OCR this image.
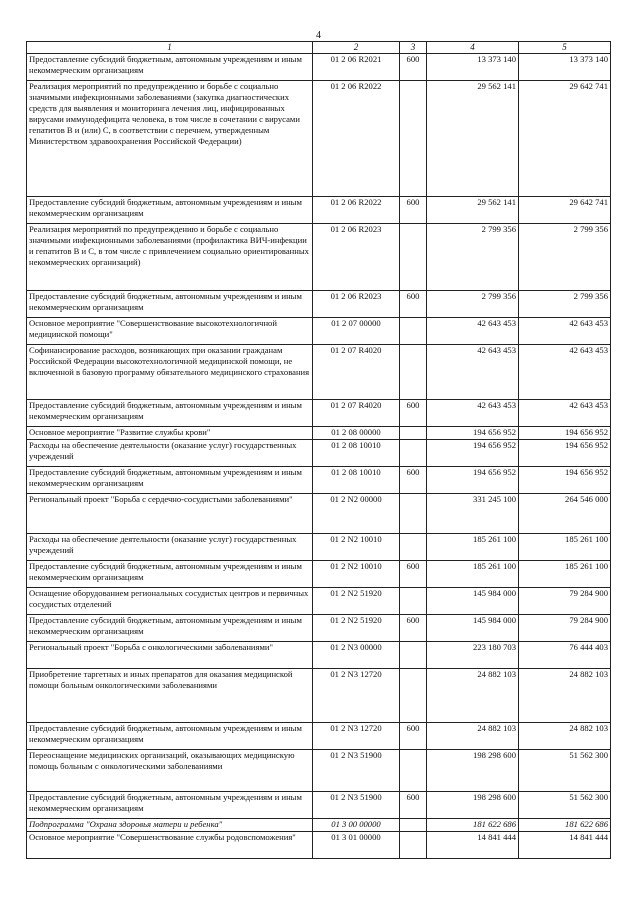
4
1	2	3	4	5
Предоставление субсидий бюджетным, автономным учреждениям и иным некоммерческим организациям	01 2 06 R2021	600	13 373 140	13 373 140
Реализация мероприятий по предупреждению и борьбе с социально значимыми инфекционными заболеваниями (закупка диагностических средств для выявления и мониторинга лечения лиц, инфицированных вирусами иммунодефицита человека, в том числе в сочетании с вирусами гепатитов В и (или) С, в соответствии с перечнем, утвержденным Министерством здравоохранения Российской Федерации)	01 2 06 R2022		29 562 141	29 642 741
Предоставление субсидий бюджетным, автономным учреждениям и иным некоммерческим организациям	01 2 06 R2022	600	29 562 141	29 642 741
Реализация мероприятий по предупреждению и борьбе с социально значимыми инфекционными заболеваниями (профилактика ВИЧ-инфекции и гепатитов В и С, в том числе с привлечением социально ориентированных некоммерческих организаций)	01 2 06 R2023		2 799 356	2 799 356
Предоставление субсидий бюджетным, автономным учреждениям и иным некоммерческим организациям	01 2 06 R2023	600	2 799 356	2 799 356
Основное мероприятие "Совершенствование высокотехнологичной медицинской помощи"	01 2 07 00000		42 643 453	42 643 453
Софинансирование расходов, возникающих при оказании гражданам Российской Федерации высокотехнологичной медицинской помощи, не включенной в базовую программу обязательного медицинского страхования	01 2 07 R4020		42 643 453	42 643 453
Предоставление субсидий бюджетным, автономным учреждениям и иным некоммерческим организациям	01 2 07 R4020	600	42 643 453	42 643 453
Основное мероприятие "Развитие службы крови"	01 2 08 00000		194 656 952	194 656 952
Расходы на обеспечение деятельности (оказание услуг) государственных учреждений	01 2 08 10010		194 656 952	194 656 952
Предоставление субсидий бюджетным, автономным учреждениям и иным некоммерческим организациям	01 2 08 10010	600	194 656 952	194 656 952
Региональный проект "Борьба с сердечно-сосудистыми заболеваниями"	01 2 N2 00000		331 245 100	264 546 000
Расходы на обеспечение деятельности (оказание услуг) государственных учреждений	01 2 N2 10010		185 261 100	185 261 100
Предоставление субсидий бюджетным, автономным учреждениям и иным некоммерческим организациям	01 2 N2 10010	600	185 261 100	185 261 100
Оснащение оборудованием региональных сосудистых центров и первичных сосудистых отделений	01 2 N2 51920		145 984 000	79 284 900
Предоставление субсидий бюджетным, автономным учреждениям и иным некоммерческим организациям	01 2 N2 51920	600	145 984 000	79 284 900
Региональный проект "Борьба с онкологическими заболеваниями"	01 2 N3 00000		223 180 703	76 444 403
Приобретение таргетных и иных препаратов для оказания медицинской помощи больным онкологическими заболеваниями	01 2 N3 12720		24 882 103	24 882 103
Предоставление субсидий бюджетным, автономным учреждениям и иным некоммерческим организациям	01 2 N3 12720	600	24 882 103	24 882 103
Переоснащение медицинских организаций, оказывающих медицинскую помощь больным с онкологическими заболеваниями	01 2 N3 51900		198 298 600	51 562 300
Предоставление субсидий бюджетным, автономным учреждениям и иным некоммерческим организациям	01 2 N3 51900	600	198 298 600	51 562 300
Подпрограмма "Охрана здоровья матери и ребенка"	01 3 00 00000		181 622 686	181 622 686
Основное мероприятие "Совершенствование службы родовспоможения"	01 3 01 00000		14 841 444	14 841 444
